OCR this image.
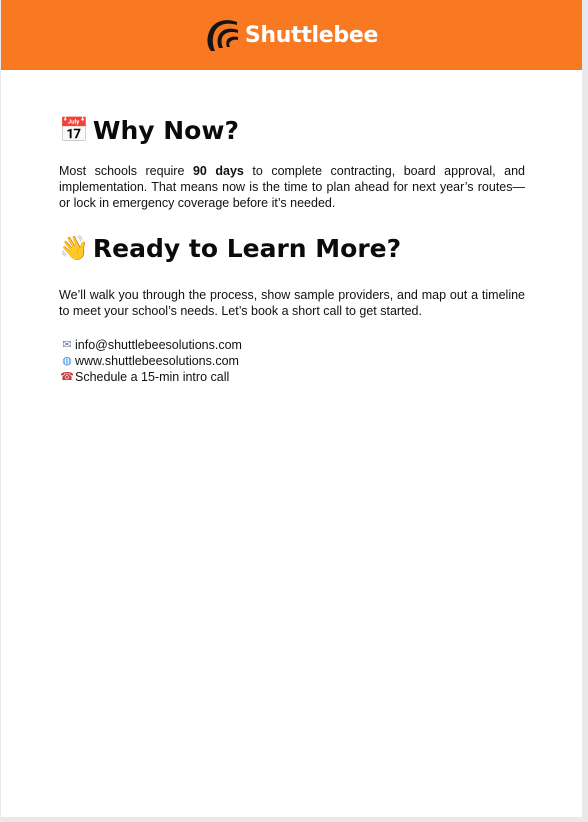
Shuttlebee
📅 Why Now?

Most schools require 90 days to complete contracting, board approval, and implementation. That means now is the time to plan ahead for next year’s routes—or lock in emergency coverage before it’s needed.

👋 Ready to Learn More?

We’ll walk you through the process, show sample providers, and map out a timeline to meet your school’s needs. Let’s book a short call to get started.

✉ info@shuttlebeesolutions.com
◍ www.shuttlebeesolutions.com
☎ Schedule a 15-min intro call
